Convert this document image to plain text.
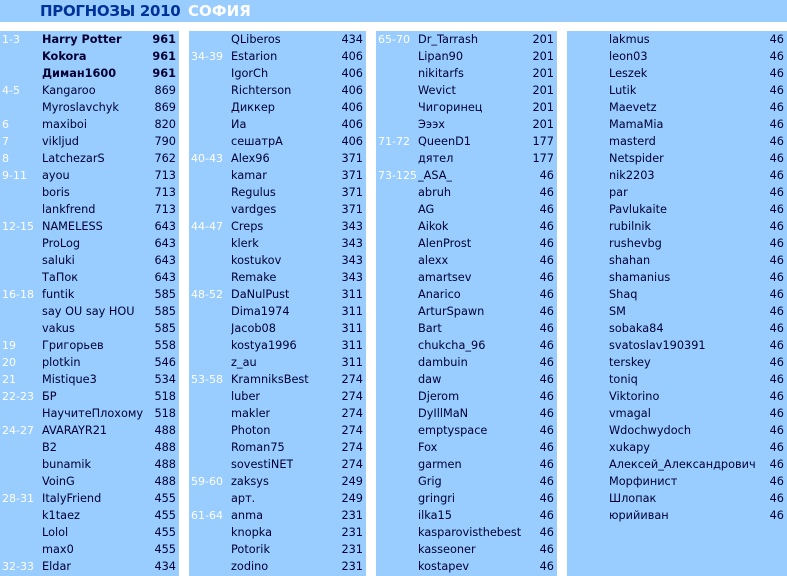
ПРОГНОЗЫ 2010 СОФИЯ
1-3 Harry Potter	961
Kokora	961
Диман1600	961
4-5 Kangaroo	869
Myroslavchyk	869
6	maxiboi	820
7	vikljud	790
8	LatchezarS	762
9-11 ayou	713
boris	713
lankfrend	713
12-15 NAMELESS	643
ProLog	643
saluki	643
ТаПок	643
16-18 funtik	585
say OU say HOU 585
vakus	585
19 Григорьев	558
20 plotkin	546
21 Mistique3	534
22-23 БР	518
НаучитеПлохому 518
24-27 AVARAYR21	488
B2	488
bunamik	488
VoinG	488
28-31 ItalyFriend	455
k1taez	455
Lolol	455
max0	455
32-33 Eldar	434
QLiberos	434
34-39 Estarion	406
IgorCh	406
Richterson	406
Диккер	406
Иа	406
сешатрА	406
40-43 Alex96	371
kamar	371
Regulus	371
vardges	371
44-47 Creps	343
klerk	343
kostukov	343
Remake	343
48-52 DaNulPust	311
Dima1974	311
Jacob08	311
kostya1996	311
z_au	311
53-58 KramniksBest	274
luber	274
makler	274
Photon	274
Roman75	274
sovestiNET	274
59-60 zaksys	249
арт.	249
61-64 anma	231
knopka	231
Potorik	231
zodino	231
65-70 Dr_Tarrash	201
Lipan90	201
nikitarfs	201
Wevict	201
Чигоринец	201
Эээх	201
71-72 QueenD1	177
дятел	177
73-125 _ASA_	46
abruh	46
AG	46
Aikok	46
AlenProst	46
alexx	46
amartsev	46
Anarico	46
ArturSpawn	46
Bart	46
chukcha_96	46
dambuin	46
daw	46
Djerom	46
DyIllMaN	46
emptyspace	46
Fox	46
garmen	46
Grig	46
gringri	46
ilka15	46
kasparovisthebest 46
kasseoner	46
kostapev	46
lakmus	46
leon03	46
Leszek	46
Lutik	46
Maevetz	46
MamaMia	46
masterd	46
Netspider	46
nik2203	46
par	46
Pavlukaite	46
rubilnik	46
rushevbg	46
shahan	46
shamanius	46
Shaq	46
SM	46
sobaka84	46
svatoslav190391	46
terskey	46
toniq	46
Viktorino	46
vmagal	46
Wdochwydoch	46
xukapy	46
Алексей_Александрович 46
Морфинист	46
Шлопак	46
юрийиван	46
